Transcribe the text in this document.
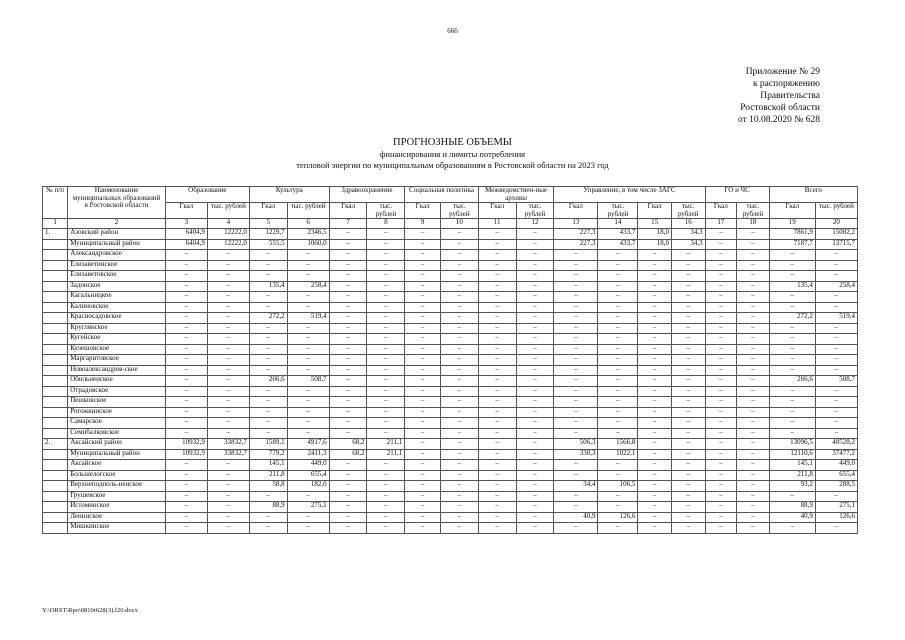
666
Приложение № 29
к распоряжению
Правительства
Ростовской области
от 10.08.2020 № 628
ПРОГНОЗНЫЕ ОБЪЕМЫ
финансирования и лимиты потребления
тепловой энергии по муниципальным образованиям в Ростовской области на 2023 год
№ п/п	Наименование муниципальных образований в Ростовской области	Образование		Культура		Здравоохранение		Социальная политика		Межведомствен-ные архивы		Управление, в том числе ЗАГС				ГО и ЧС		Всего	
		Гкал	тыс. рублей	Гкал	тыс. рублей	Гкал	тыс. рублей	Гкал	тыс. рублей	Гкал	тыс. рублей	Гкал	тыс. рублей	Гкал	тыс. рублей	Гкал	тыс. рублей	Гкал	тыс. рублей
1	2	3	4	5	6	7	8	9	10	11	12	13	14	15	16	17	18	19	20
1.	Азовский район	6404,9	12222,0	1229,7	2346,5	–	–	–	–	–	–	227,3	433,7	18,0	34,3	–	–	7861,9	15002,2
	Муниципальный район	6404,9	12222,0	555,5	1060,0	–	–	–	–	–	–	227,3	433,7	18,0	34,3	–	–	7187,7	13715,7
	Александровское	–	–	–	–	–	–	–	–	–	–	–	–	–	–	–	–	–	–
	Елизаветинское	–	–	–	–	–	–	–	–	–	–	–	–	–	–	–	–	–	–
	Елизаветовское	–	–	–	–	–	–	–	–	–	–	–	–	–	–	–	–	–	–
	Задонское	–	–	135,4	258,4	–	–	–	–	–	–	–	–	–	–	–	–	135,4	258,4
	Кагальницкое	–	–	–	–	–	–	–	–	–	–	–	–	–	–	–	–	–	–
	Калиновское	–	–	–	–	–	–	–	–	–	–	–	–	–	–	–	–	–	–
	Красносадовское	–	–	272,2	519,4	–	–	–	–	–	–	–	–	–	–	–	–	272,2	519,4
	Круглянское	–	–	–	–	–	–	–	–	–	–	–	–	–	–	–	–	–	–
	Кугейское	–	–	–	–	–	–	–	–	–	–	–	–	–	–	–	–	–	–
	Кулешовское	–	–	–	–	–	–	–	–	–	–	–	–	–	–	–	–	–	–
	Маргаритовское	–	–	–	–	–	–	–	–	–	–	–	–	–	–	–	–	–	–
	Новоалександров-ское	–	–	–	–	–	–	–	–	–	–	–	–	–	–	–	–	–	–
	Обильненское	–	–	266,6	508,7	–	–	–	–	–	–	–	–	–	–	–	–	266,6	508,7
	Отрадовское	–	–	–	–	–	–	–	–	–	–	–	–	–	–	–	–	–	–
	Пешковское	–	–	–	–	–	–	–	–	–	–	–	–	–	–	–	–	–	–
	Рогожкинское	–	–	–	–	–	–	–	–	–	–	–	–	–	–	–	–	–	–
	Самарское	–	–	–	–	–	–	–	–	–	–	–	–	–	–	–	–	–	–
	Семибалковское	–	–	–	–	–	–	–	–	–	–	–	–	–	–	–	–	–	–
2.	Аксайский район	10932,9	33832,7	1589,1	4917,6	68,2	211,1	–	–	–	–	506,3	1566,8	–	–	–	–	13096,5	40528,2
	Муниципальный район	10932,9	33832,7	779,2	2411,3	68,2	211,1	–	–	–	–	330,3	1022,1	–	–	–	–	12110,6	37477,2
	Аксайское	–	–	145,1	449,0	–	–	–	–	–	–	–	–	–	–	–	–	145,1	449,0
	Большелогское	–	–	211,8	655,4	–	–	–	–	–	–	–	–	–	–	–	–	211,8	655,4
	Верхнеподполь-ненское	–	–	58,8	182,0	–	–	–	–	–	–	34,4	106,5	–	–	–	–	93,2	288,5
	Грушевское	–	–	–	–	–	–	–	–	–	–	–	–	–	–	–	–	–	–
	Истоминское	–	–	88,9	275,1	–	–	–	–	–	–	–	–	–	–	–	–	88,9	275,1
	Ленинское	–	–	–	–	–	–	–	–	–	–	40,9	126,6	–	–	–	–	40,9	126,6
	Мишкинское	–	–	–	–	–	–	–	–	–	–	–	–	–	–	–	–	–	–
Y:\ORST\Rpo\0810r628(3).f20.docx
